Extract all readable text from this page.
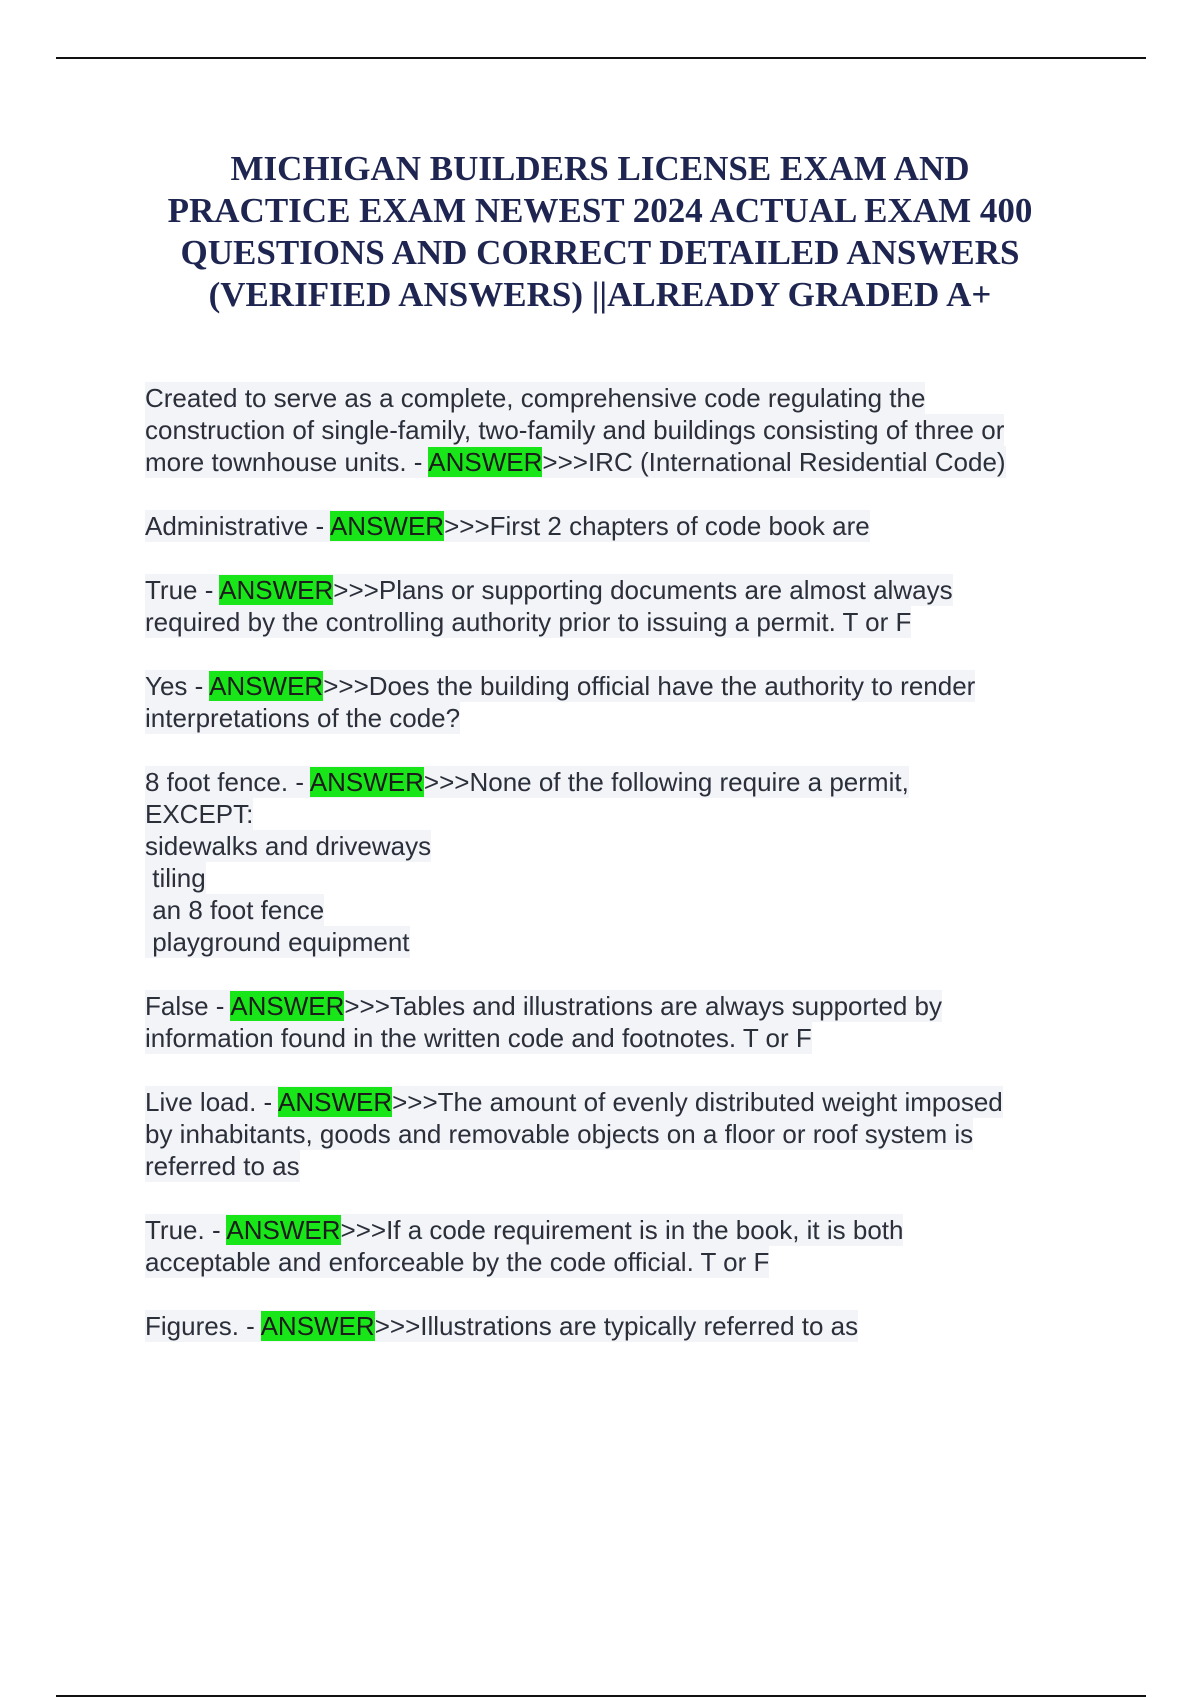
MICHIGAN BUILDERS LICENSE EXAM AND
PRACTICE EXAM NEWEST 2024 ACTUAL EXAM 400
QUESTIONS AND CORRECT DETAILED ANSWERS
(VERIFIED ANSWERS) ||ALREADY GRADED A+
Created to serve as a complete, comprehensive code regulating the
construction of single-family, two-family and buildings consisting of three or
more townhouse units. - ANSWER>>>IRC (International Residential Code)
Administrative - ANSWER>>>First 2 chapters of code book are
True - ANSWER>>>Plans or supporting documents are almost always
required by the controlling authority prior to issuing a permit. T or F
Yes - ANSWER>>>Does the building official have the authority to render
interpretations of the code?
8 foot fence. - ANSWER>>>None of the following require a permit,
EXCEPT:
sidewalks and driveways
tiling
an 8 foot fence
playground equipment
False - ANSWER>>>Tables and illustrations are always supported by
information found in the written code and footnotes. T or F
Live load. - ANSWER>>>The amount of evenly distributed weight imposed
by inhabitants, goods and removable objects on a floor or roof system is
referred to as
True. - ANSWER>>>If a code requirement is in the book, it is both
acceptable and enforceable by the code official. T or F
Figures. - ANSWER>>>Illustrations are typically referred to as
